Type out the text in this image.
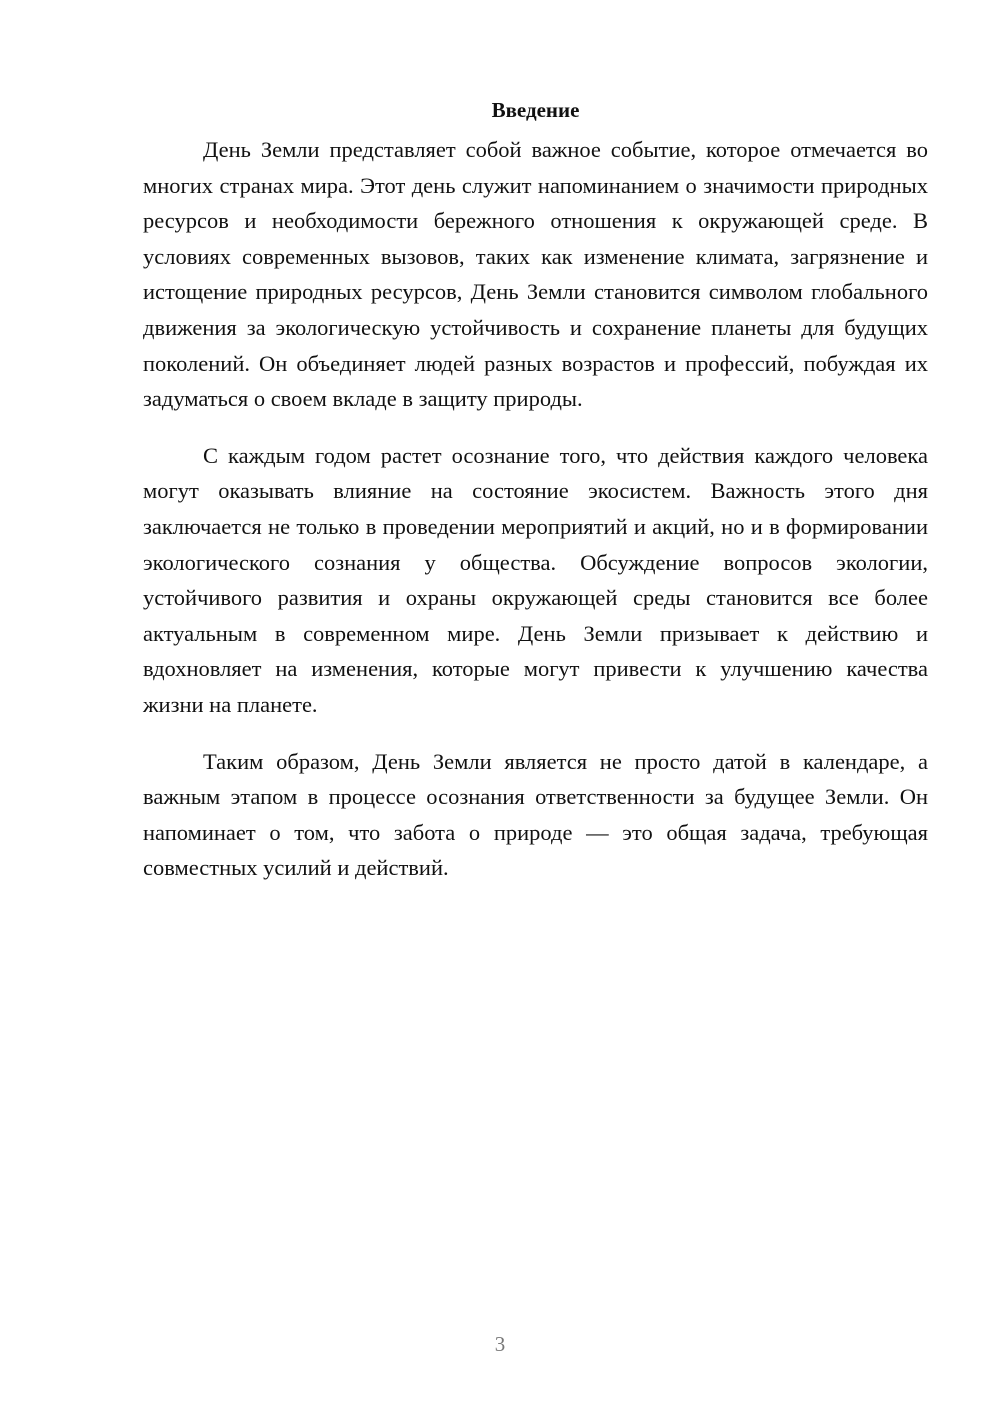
Введение

День Земли представляет собой важное событие, которое отмечается во многих странах мира. Этот день служит напоминанием о значимости природных ресурсов и необходимости бережного отношения к окружающей среде. В условиях современных вызовов, таких как изменение климата, загрязнение и истощение природных ресурсов, День Земли становится символом глобального движения за экологическую устойчивость и сохранение планеты для будущих поколений. Он объединяет людей разных возрастов и профессий, побуждая их задуматься о своем вкладе в защиту природы.

С каждым годом растет осознание того, что действия каждого человека могут оказывать влияние на состояние экосистем. Важность этого дня заключается не только в проведении мероприятий и акций, но и в формировании экологического сознания у общества. Обсуждение вопросов экологии, устойчивого развития и охраны окружающей среды становится все более актуальным в современном мире. День Земли призывает к действию и вдохновляет на изменения, которые могут привести к улучшению качества жизни на планете.

Таким образом, День Земли является не просто датой в календаре, а важным этапом в процессе осознания ответственности за будущее Земли. Он напоминает о том, что забота о природе — это общая задача, требующая совместных усилий и действий.

3
